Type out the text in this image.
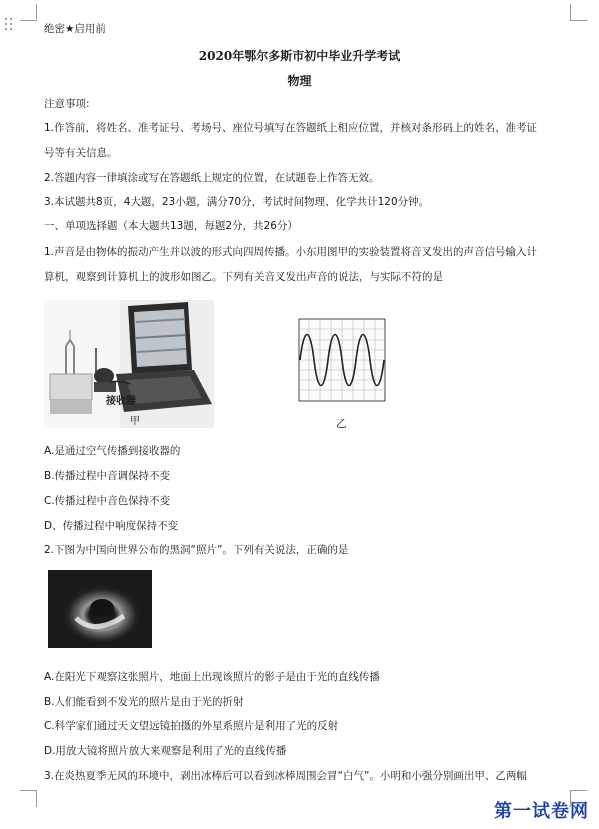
绝密★启用前
2020年鄂尔多斯市初中毕业升学考试
物理
注意事项:
1.作答前，将姓名、准考证号、考场号、座位号填写在答题纸上相应位置，并核对条形码上的姓名、准考证
号等有关信息。
2.答题内容一律填涂或写在答题纸上规定的位置，在试题卷上作答无效。
3.本试题共8页，4大题，23小题，满分70分，考试时间物理、化学共计120分钟。
一、单项选择题（本大题共13题，每题2分，共26分）
1.声音是由物体的振动产生并以波的形式向四周传播。小东用图甲的实验装置将音叉发出的声音信号输入计
算机，观察到计算机上的波形如图乙。下列有关音叉发出声音的说法，与实际不符的是
接收器
甲	乙
A.是通过空气传播到接收器的
B.传播过程中音调保持不变
C.传播过程中音色保持不变
D、传播过程中响度保持不变
2.下图为中国向世界公布的黑洞“照片”。下列有关说法，正确的是
A.在阳光下观察这张照片，地面上出现该照片的影子是由于光的直线传播
B.人们能看到不发光的照片是由于光的折射
C.科学家们通过天文望远镜拍摄的外星系照片是利用了光的反射
D.用放大镜将照片放大来观察是利用了光的直线传播
3.在炎热夏季无风的环境中，剥出冰棒后可以看到冰棒周围会冒“白气”。小明和小强分别画出甲、乙两幅
第一试卷网
